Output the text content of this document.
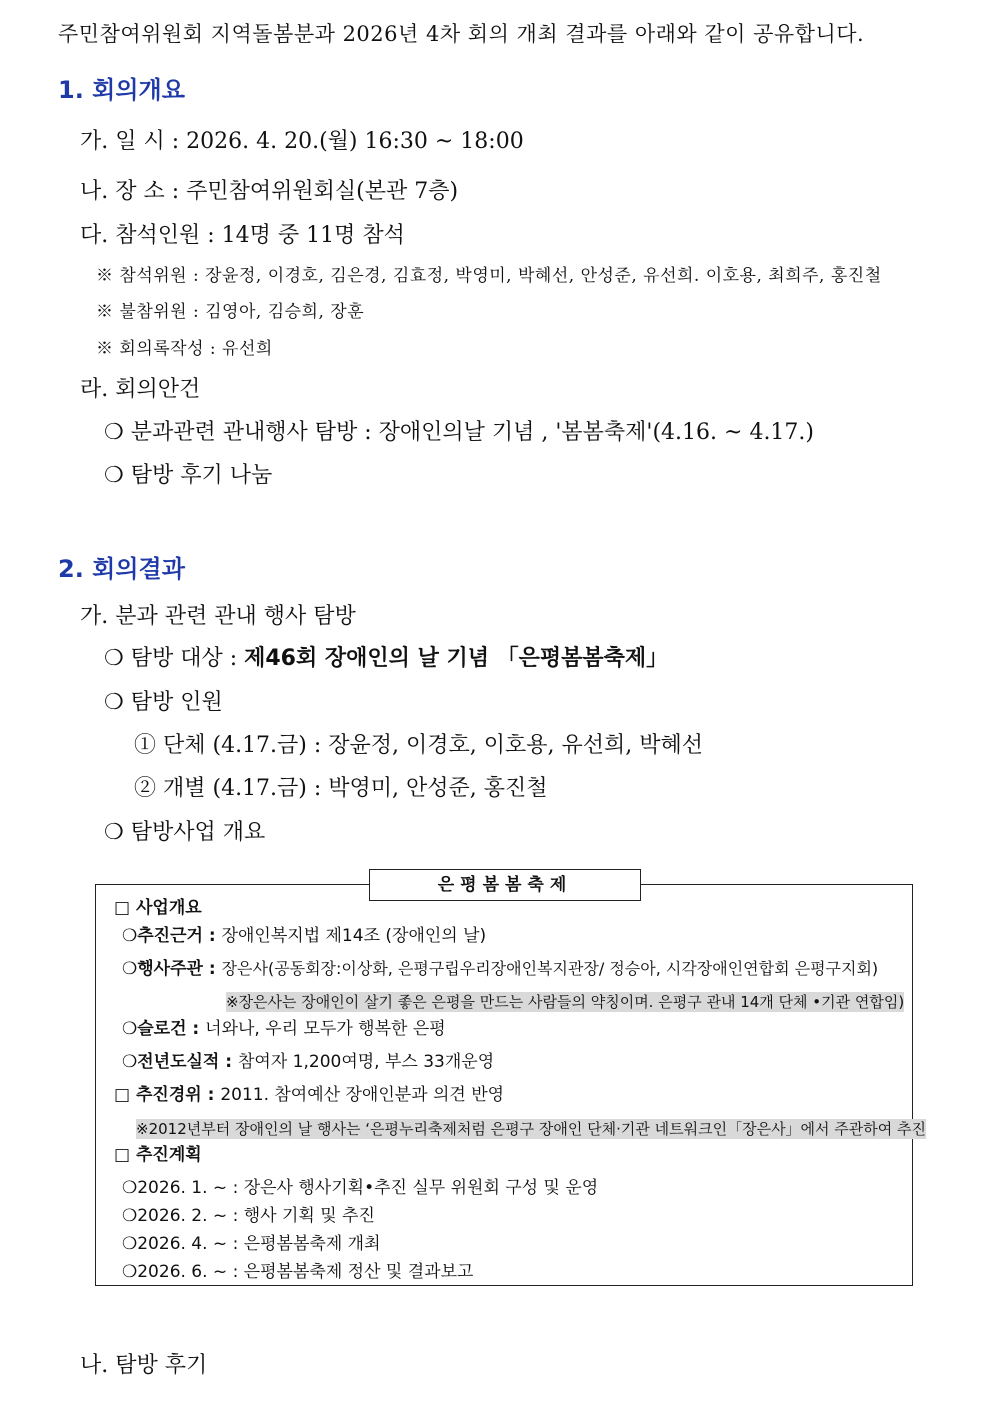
주민참여위원회 지역돌봄분과 2026년 4차 회의 개최 결과를 아래와 같이 공유합니다.
1. 회의개요
가. 일 시 : 2026. 4. 20.(월) 16:30 ~ 18:00
나. 장 소 : 주민참여위원회실(본관 7층)
다. 참석인원 : 14명 중 11명 참석
※ 참석위원 : 장윤정, 이경호, 김은경, 김효정, 박영미, 박혜선, 안성준, 유선희. 이호용, 최희주, 홍진철
※ 불참위원 : 김영아, 김승희, 장훈
※ 회의록작성 : 유선희
라. 회의안건
❍ 분과관련 관내행사 탐방 : 장애인의날 기념 , '봄봄축제'(4.16. ~ 4.17.)
❍ 탐방 후기 나눔
2. 회의결과
가. 분과 관련 관내 행사 탐방
❍ 탐방 대상 : 제46회 장애인의 날 기념 「은평봄봄축제」
❍ 탐방 인원
① 단체 (4.17.금) : 장윤정, 이경호, 이호용, 유선희, 박혜선
② 개별 (4.17.금) : 박영미, 안성준, 홍진철
❍ 탐방사업 개요
은평봄봄축제
□ 사업개요
❍추진근거 : 장애인복지법 제14조 (장애인의 날)
❍행사주관 : 장은사(공동회장:이상화, 은평구립우리장애인복지관장/ 정승아, 시각장애인연합회 은평구지회)
※장은사는 장애인이 살기 좋은 은평을 만드는 사람들의 약칭이며. 은평구 관내 14개 단체 •기관 연합임)
❍슬로건 : 너와나, 우리 모두가 행복한 은평
❍전년도실적 : 참여자 1,200여명, 부스 33개운영
□ 추진경위 : 2011. 참여예산 장애인분과 의견 반영
※2012년부터 장애인의 날 행사는 ‘은평누리축제처럼 은평구 장애인 단체·기관 네트워크인「장은사」에서 주관하여 추진
□ 추진계획
❍2026. 1. ~ : 장은사 행사기획•추진 실무 위원회 구성 및 운영
❍2026. 2. ~ : 행사 기획 및 추진
❍2026. 4. ~ : 은평봄봄축제 개최
❍2026. 6. ~ : 은평봄봄축제 정산 및 결과보고
나. 탐방 후기
